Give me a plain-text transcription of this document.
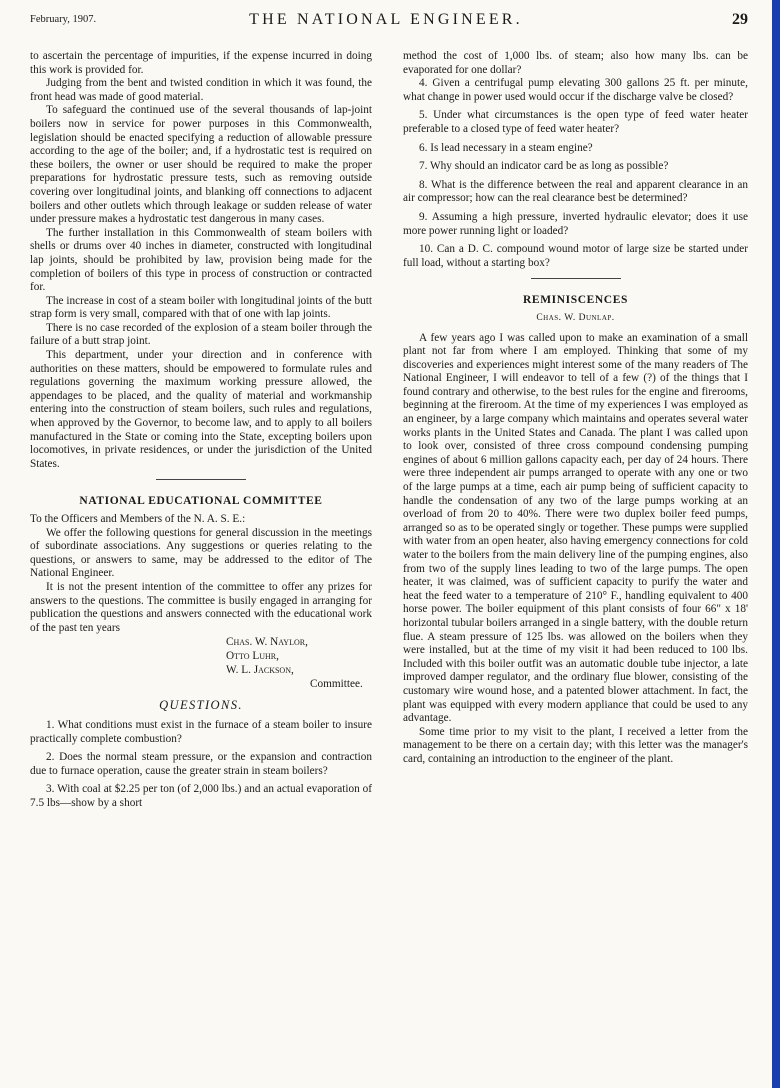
February, 1907.	THE NATIONAL ENGINEER.	29

to ascertain the percentage of impurities, if the expense incurred in doing this work is provided for.

Judging from the bent and twisted condition in which it was found, the front head was made of good material.

To safeguard the continued use of the several thousands of lap-joint boilers now in service for power purposes in this Commonwealth, legislation should be enacted specifying a reduction of allowable pressure according to the age of the boiler; and, if a hydrostatic test is required on these boilers, the owner or user should be required to make the proper preparations for hydrostatic pressure tests, such as removing outside covering over longitudinal joints, and blanking off connections to adjacent boilers and other outlets which through leakage or sudden release of water under pressure makes a hydrostatic test dangerous in many cases.

The further installation in this Commonwealth of steam boilers with shells or drums over 40 inches in diameter, constructed with longitudinal lap joints, should be prohibited by law, provision being made for the completion of boilers of this type in process of construction or contracted for.

The increase in cost of a steam boiler with longitudinal joints of the butt strap form is very small, compared with that of one with lap joints.

There is no case recorded of the explosion of a steam boiler through the failure of a butt strap joint.

This department, under your direction and in conference with authorities on these matters, should be empowered to formulate rules and regulations governing the maximum working pressure allowed, the appendages to be placed, and the quality of material and workmanship entering into the construction of steam boilers, such rules and regulations, when approved by the Governor, to become law, and to apply to all boilers manufactured in the State or coming into the State, excepting boilers upon locomotives, in private residences, or under the jurisdiction of the United States.

NATIONAL EDUCATIONAL COMMITTEE

To the Officers and Members of the N. A. S. E.:

We offer the following questions for general discussion in the meetings of subordinate associations. Any suggestions or queries relating to the questions, or answers to same, may be addressed to the editor of The National Engineer.

It is not the present intention of the committee to offer any prizes for answers to the questions. The committee is busily engaged in arranging for publication the questions and answers connected with the educational work of the past ten years

Chas. W. Naylor,
Otto Luhr,
W. L. Jackson,
Committee.
QUESTIONS.

1. What conditions must exist in the furnace of a steam boiler to insure practically complete combustion?

2. Does the normal steam pressure, or the expansion and contraction due to furnace operation, cause the greater strain in steam boilers?

3. With coal at $2.25 per ton (of 2,000 lbs.) and an actual evaporation of 7.5 lbs—show by a short

method the cost of 1,000 lbs. of steam; also how many lbs. can be evaporated for one dollar?

4. Given a centrifugal pump elevating 300 gallons 25 ft. per minute, what change in power used would occur if the discharge valve be closed?

5. Under what circumstances is the open type of feed water heater preferable to a closed type of feed water heater?

6. Is lead necessary in a steam engine?

7. Why should an indicator card be as long as possible?

8. What is the difference between the real and apparent clearance in an air compressor; how can the real clearance best be determined?

9. Assuming a high pressure, inverted hydraulic elevator; does it use more power running light or loaded?

10. Can a D. C. compound wound motor of large size be started under full load, without a starting box?

REMINISCENCES
Chas. W. Dunlap.

A few years ago I was called upon to make an examination of a small plant not far from where I am employed. Thinking that some of my discoveries and experiences might interest some of the many readers of The National Engineer, I will endeavor to tell of a few (?) of the things that I found contrary and otherwise, to the best rules for the engine and firerooms, beginning at the fireroom. At the time of my experiences I was employed as an engineer, by a large company which maintains and operates several water works plants in the United States and Canada. The plant I was called upon to look over, consisted of three cross compound condensing pumping engines of about 6 million gallons capacity each, per day of 24 hours. There were three independent air pumps arranged to operate with any one or two of the large pumps at a time, each air pump being of sufficient capacity to handle the condensation of any two of the large pumps working at an overload of from 20 to 40%. There were two duplex boiler feed pumps, arranged so as to be operated singly or together. These pumps were supplied with water from an open heater, also having emergency connections for cold water to the boilers from the main delivery line of the pumping engines, also from two of the supply lines leading to two of the large pumps. The open heater, it was claimed, was of sufficient capacity to purify the water and heat the feed water to a temperature of 210° F., handling equivalent to 400 horse power. The boiler equipment of this plant consists of four 66" x 18' horizontal tubular boilers arranged in a single battery, with the double return flue. A steam pressure of 125 lbs. was allowed on the boilers when they were installed, but at the time of my visit it had been reduced to 100 lbs. Included with this boiler outfit was an automatic double tube injector, a late improved damper regulator, and the ordinary flue blower, consisting of the customary wire wound hose, and a patented blower attachment. In fact, the plant was equipped with every modern appliance that could be used to any advantage.

Some time prior to my visit to the plant, I received a letter from the management to be there on a certain day; with this letter was the manager's card, containing an introduction to the engineer of the plant.
